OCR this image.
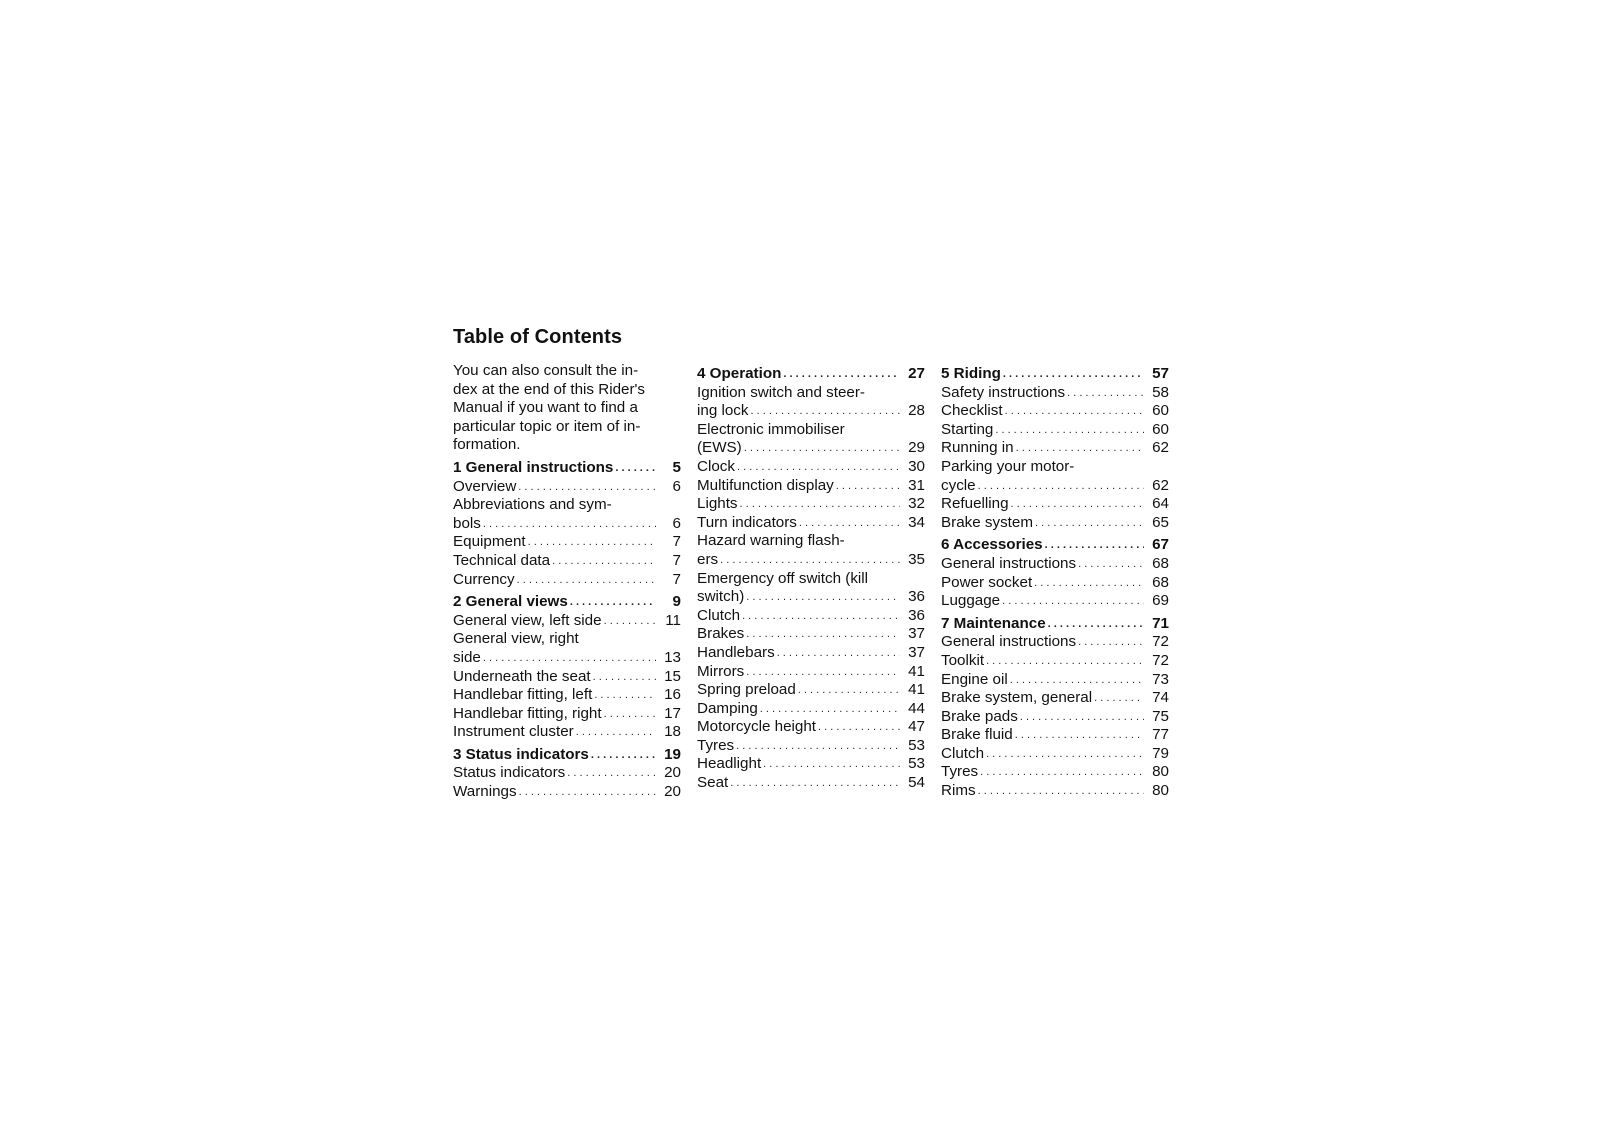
Table of Contents
You can also consult the in-
dex at the end of this Rider's
Manual if you want to find a
particular topic or item of in-
formation.
1 General instructions . . .	5
Overview . . .	6
Abbreviations and sym-
bols . . .	6
Equipment . . .	7
Technical data . . .	7
Currency . . .	7
2 General views . . .	9
General view, left side . . .	11
General view, right
side . . .	13
Underneath the seat . . .	15
Handlebar fitting, left . . .	16
Handlebar fitting, right . . .	17
Instrument cluster . . .	18
3 Status indicators . . .	19
Status indicators . . .	20
Warnings . . .	20
4 Operation . . .	27
Ignition switch and steer-
ing lock . . .	28
Electronic immobiliser
(EWS) . . .	29
Clock . . .	30
Multifunction display . . .	31
Lights . . .	32
Turn indicators . . .	34
Hazard warning flash-
ers . . .	35
Emergency off switch (kill
switch) . . .	36
Clutch . . .	36
Brakes . . .	37
Handlebars . . .	37
Mirrors . . .	41
Spring preload . . .	41
Damping . . .	44
Motorcycle height . . .	47
Tyres . . .	53
Headlight . . .	53
Seat . . .	54
5 Riding . . .	57
Safety instructions . . .	58
Checklist . . .	60
Starting . . .	60
Running in . . .	62
Parking your motor-
cycle . . .	62
Refuelling . . .	64
Brake system . . .	65
6 Accessories . . .	67
General instructions . . .	68
Power socket . . .	68
Luggage . . .	69
7 Maintenance . . .	71
General instructions . . .	72
Toolkit . . .	72
Engine oil . . .	73
Brake system, general . . .	74
Brake pads . . .	75
Brake fluid . . .	77
Clutch . . .	79
Tyres . . .	80
Rims . . .	80
